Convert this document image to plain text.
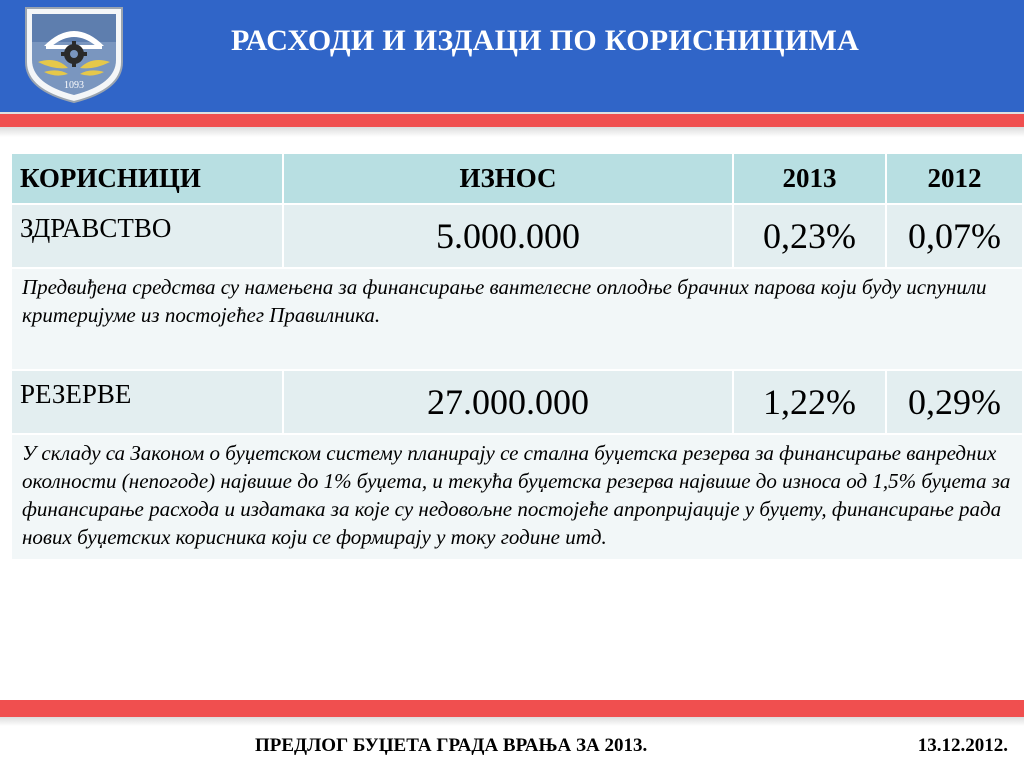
1093
РАСХОДИ И ИЗДАЦИ ПО КОРИСНИЦИМА
КОРИСНИЦИ	ИЗНОС	2013	2012
ЗДРАВСТВО	5.000.000	0,23%	0,07%
Предвиђена средства су намењена за финансирање вантелесне оплодње брачних парова који буду испунили критеријуме из постојећег Правилника.			
РЕЗЕРВЕ	27.000.000	1,22%	0,29%
У складу са Законом о буџетском систему планирају се стална буџетска резерва за финансирање ванредних околности (непогоде) највише до 1% буџета, и текућа буџетска резерва највише до износа од 1,5% буџета за финансирање расхода и издатака за које су недовољне постојеће апропријације у буџету, финансирање рада нових буџетских корисника који се формирају у току године итд.			
ПРЕДЛОГ БУЏЕТА ГРАДА ВРАЊА ЗА 2013.	13.12.2012.
